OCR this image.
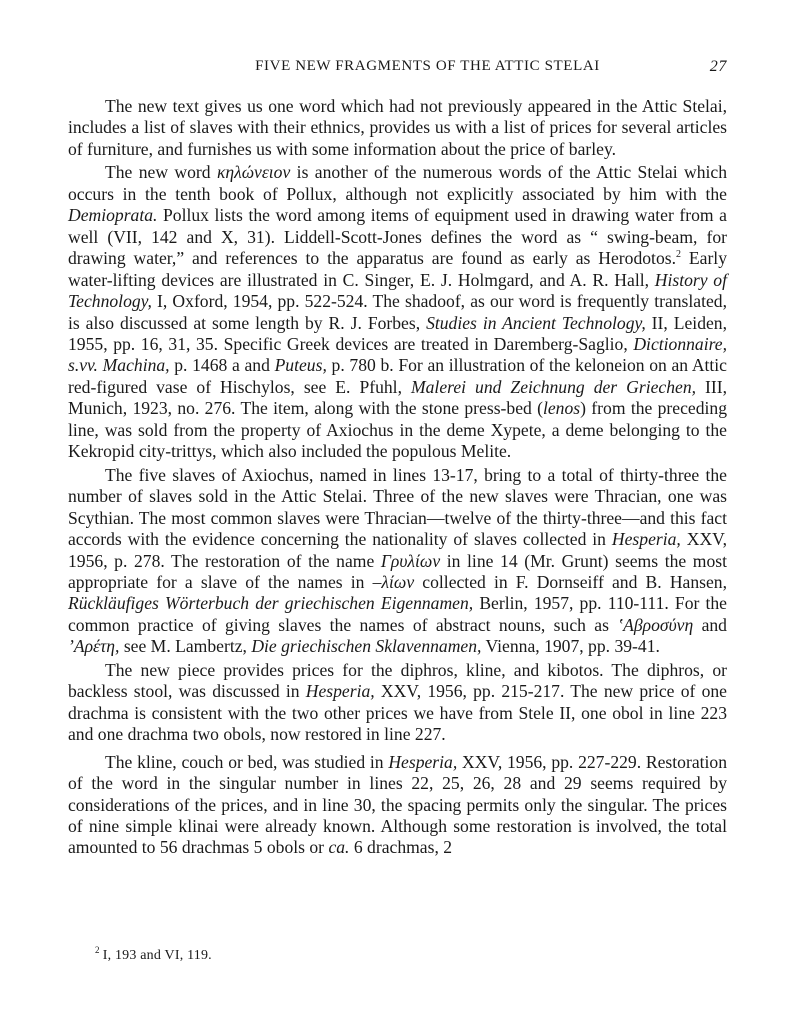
FIVE NEW FRAGMENTS OF THE ATTIC STELAI	27

The new text gives us one word which had not previously appeared in the Attic Stelai, includes a list of slaves with their ethnics, provides us with a list of prices for several articles of furniture, and furnishes us with some information about the price of barley.

The new word κηλώνειον is another of the numerous words of the Attic Stelai which occurs in the tenth book of Pollux, although not explicitly associated by him with the Demioprata. Pollux lists the word among items of equipment used in drawing water from a well (VII, 142 and X, 31). Liddell-Scott-Jones defines the word as “ swing-beam, for drawing water,” and references to the apparatus are found as early as Herodotos.$^2$ Early water-lifting devices are illustrated in C. Singer, E. J. Holmgard, and A. R. Hall, History of Technology, I, Oxford, 1954, pp. 522-524. The shadoof, as our word is frequently translated, is also discussed at some length by R. J. Forbes, Studies in Ancient Technology, II, Leiden, 1955, pp. 16, 31, 35. Specific Greek devices are treated in Daremberg-Saglio, Dictionnaire, s.vv. Machina, p. 1468 a and Puteus, p. 780 b. For an illustration of the keloneion on an Attic red-figured vase of Hischylos, see E. Pfuhl, Malerei und Zeichnung der Griechen, III, Munich, 1923, no. 276. The item, along with the stone press-bed (lenos) from the preceding line, was sold from the property of Axiochus in the deme Xypete, a deme belonging to the Kekropid city-trittys, which also included the populous Melite.

The five slaves of Axiochus, named in lines 13-17, bring to a total of thirty-three the number of slaves sold in the Attic Stelai. Three of the new slaves were Thracian, one was Scythian. The most common slaves were Thracian—twelve of the thirty-three—and this fact accords with the evidence concerning the nationality of slaves collected in Hesperia, XXV, 1956, p. 278. The restoration of the name Γρυλίων in line 14 (Mr. Grunt) seems the most appropriate for a slave of the names in –λίων collected in F. Dornseiff and B. Hansen, Rückläufiges Wörterbuch der griechischen Eigennamen, Berlin, 1957, pp. 110-111. For the common practice of giving slaves the names of abstract nouns, such as ʽΑβροσύνη and ʼΑρέτη, see M. Lambertz, Die griechischen Sklavennamen, Vienna, 1907, pp. 39-41.

The new piece provides prices for the diphros, kline, and kibotos. The diphros, or backless stool, was discussed in Hesperia, XXV, 1956, pp. 215-217. The new price of one drachma is consistent with the two other prices we have from Stele II, one obol in line 223 and one drachma two obols, now restored in line 227.

The kline, couch or bed, was studied in Hesperia, XXV, 1956, pp. 227-229. Restoration of the word in the singular number in lines 22, 25, 26, 28 and 29 seems required by considerations of the prices, and in line 30, the spacing permits only the singular. The prices of nine simple klinai were already known. Although some restoration is involved, the total amounted to 56 drachmas 5 obols or ca. 6 drachmas, 2

$^2$ I, 193 and VI, 119.
